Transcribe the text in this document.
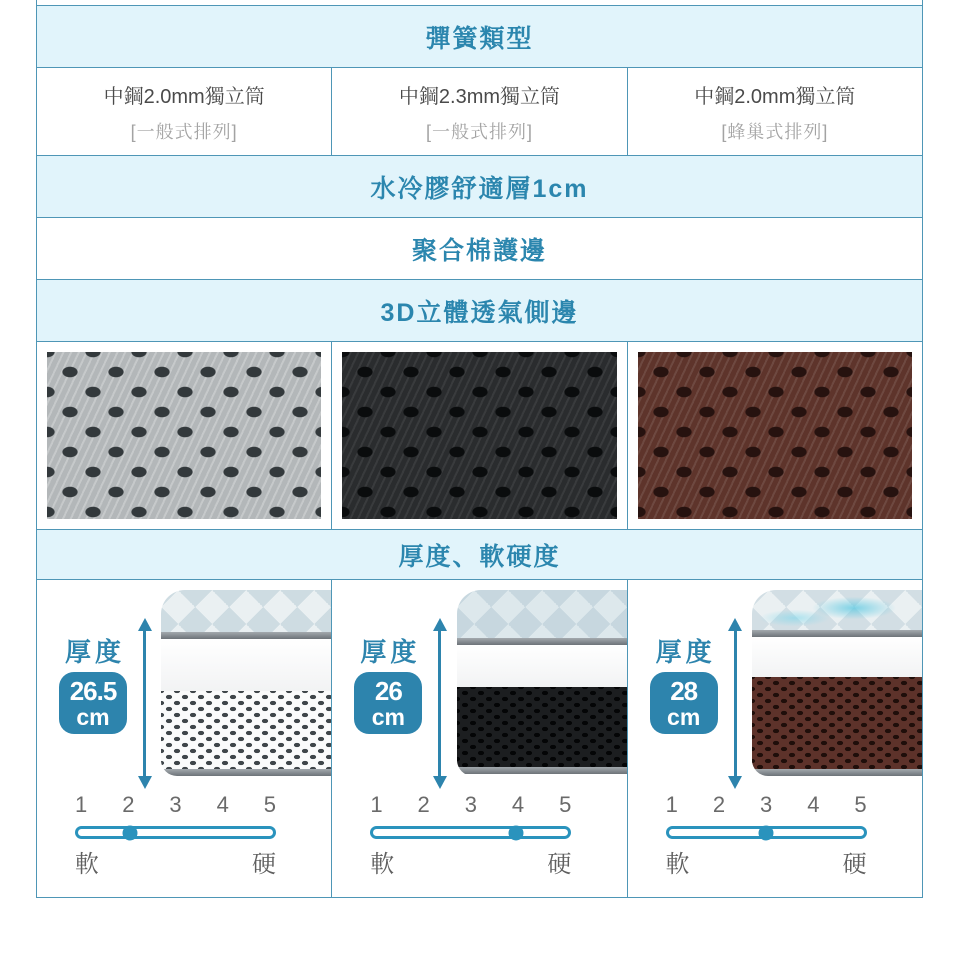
彈簧類型
中鋼2.0mm獨立筒
[一般式排列]
中鋼2.3mm獨立筒
[一般式排列]
中鋼2.0mm獨立筒
[蜂巢式排列]
水冷膠舒適層1cm
聚合棉護邊
3D立體透氣側邊
厚度、軟硬度
厚度
26.5
cm
1 2 3 4 5
軟	硬
厚度
26
cm
1 2 3 4 5
軟	硬
厚度
28
cm
1 2 3 4 5
軟	硬
